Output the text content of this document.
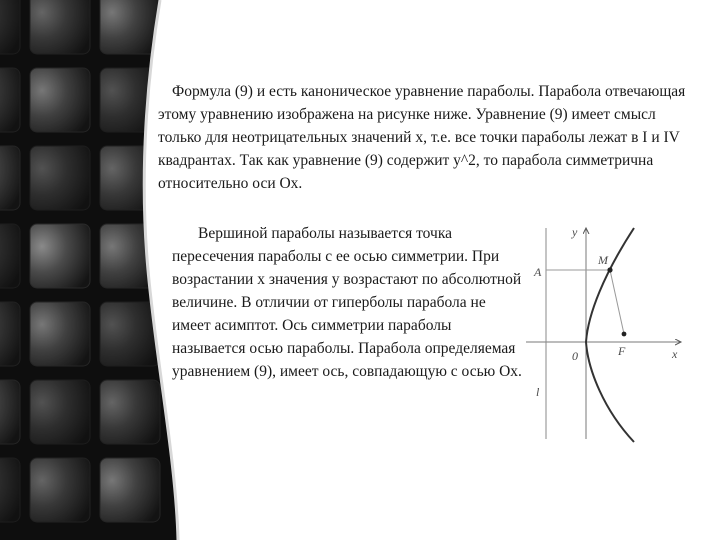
Формула (9) и есть каноническое уравнение параболы. Парабола отвечающая этому уравнению изображена на рисунке ниже. Уравнение (9) имеет смысл только для неотрицательных значений х, т.е. все точки параболы лежат в I и IV квадрантах. Так как уравнение (9) содержит y^2, то парабола симметрична относительно оси Ох.
Вершиной параболы называется точка пересечения параболы с ее осью симметрии. При возрастании х значения у возрастают по абсолютной величине. В отличии от гиперболы парабола не имеет асимптот. Ось симметрии параболы называется осью параболы. Парабола определяемая уравнением (9), имеет ось, совпадающую с осью Ох.
y
x
0
A
M
F
l
